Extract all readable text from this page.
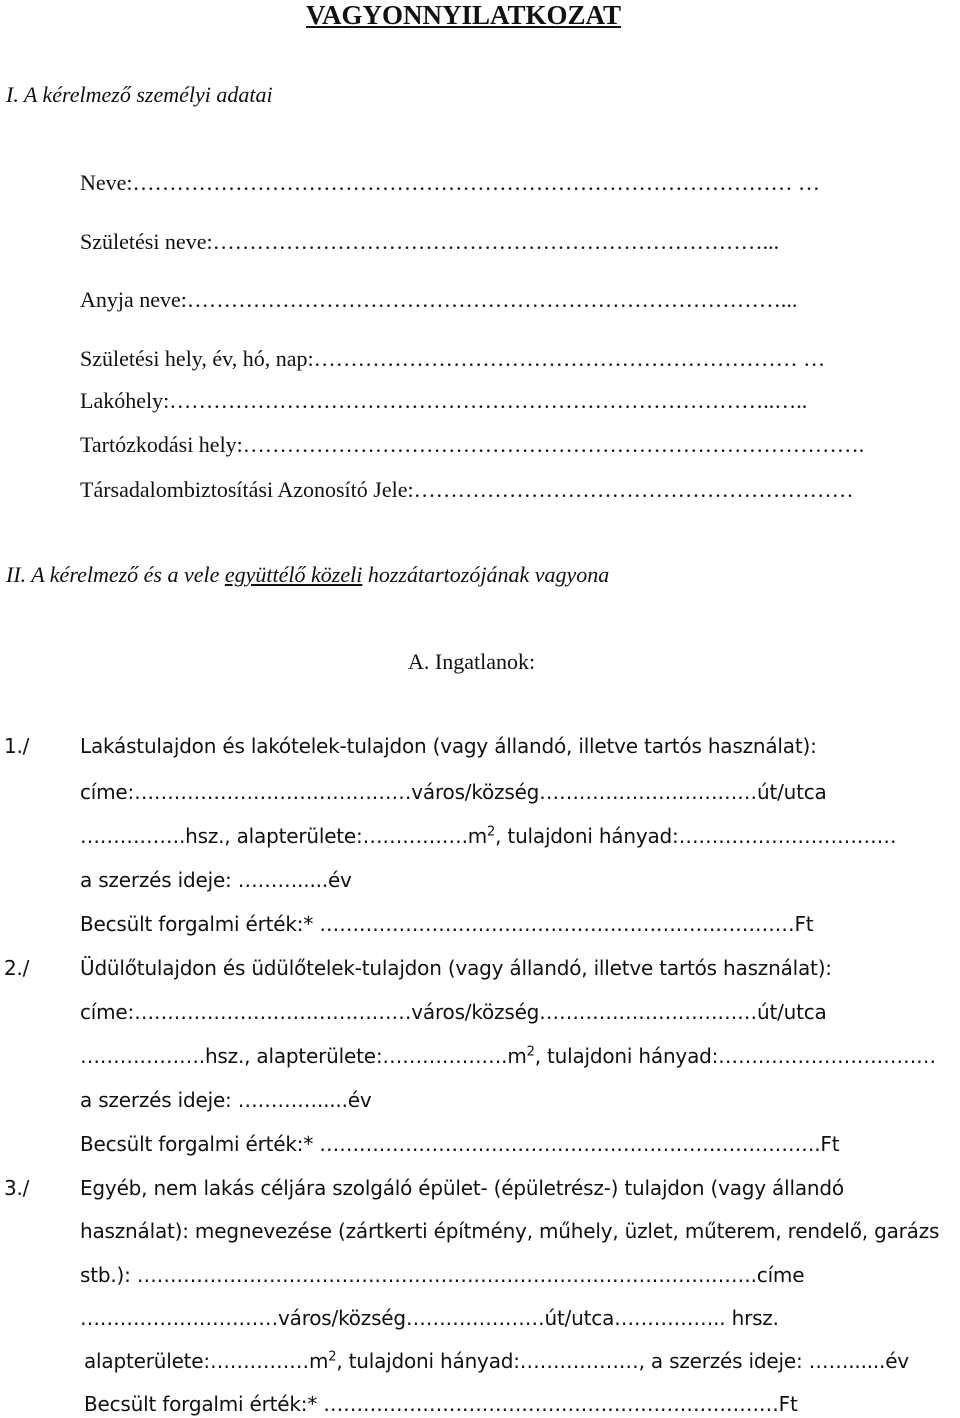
VAGYONNYILATKOZAT
I. A kérelmező személyi adatai
Neve:……………………………………………………………………………… …
Születési neve:…………………………………………………………………...
Anyja neve:………………………………………………………………………...
Születési hely, év, hó, nap:………………………………………………………… …
Lakóhely:………………………………………………………………………..…..
Tartózkodási hely:………………………………………………………………………….
Társadalombiztosítási Azonosító Jele:……………………………………………………
II. A kérelmező és a vele együttélő közeli hozzátartozójának vagyona
A. Ingatlanok:
1./	Lakástulajdon és lakótelek-tulajdon (vagy állandó, illetve tartós használat):
címe:……………………………………város/község……………………………út/utca
…………….hsz., $alapterülete:\dots\dots\dots\dots\dots.m^2$, tulajdoni hányad:……………………………
a szerzés ideje: ……….....év
Becsült forgalmi érték:* ………………………………………………………………Ft
2./	Üdülőtulajdon és üdülőtelek-tulajdon (vagy állandó, illetve tartós használat):
címe:……………………………………város/község……………………………út/utca
……………….hsz., $alapterülete:\dots\dots\dots\dots\dots\dots.m^2$, tulajdoni hányad:……………………………
a szerzés ideje: ………….....év
Becsült forgalmi érték:* ………………………………………………………………….Ft
3./	Egyéb, nem lakás céljára szolgáló épület- (épületrész-) tulajdon (vagy állandó
használat): megnevezése (zártkerti építmény, műhely, üzlet, műterem, rendelő, garázs
stb.): ………………………………………………………………………………….címe
…………………………város/község…………………út/utca…………….. hrsz.
$alapterülete:\dots\dots\dots\dots\dots m^2$, tulajdoni hányad:………………, a szerzés ideje: ……......év
Becsült forgalmi érték:* ……………………………………………………………Ft
